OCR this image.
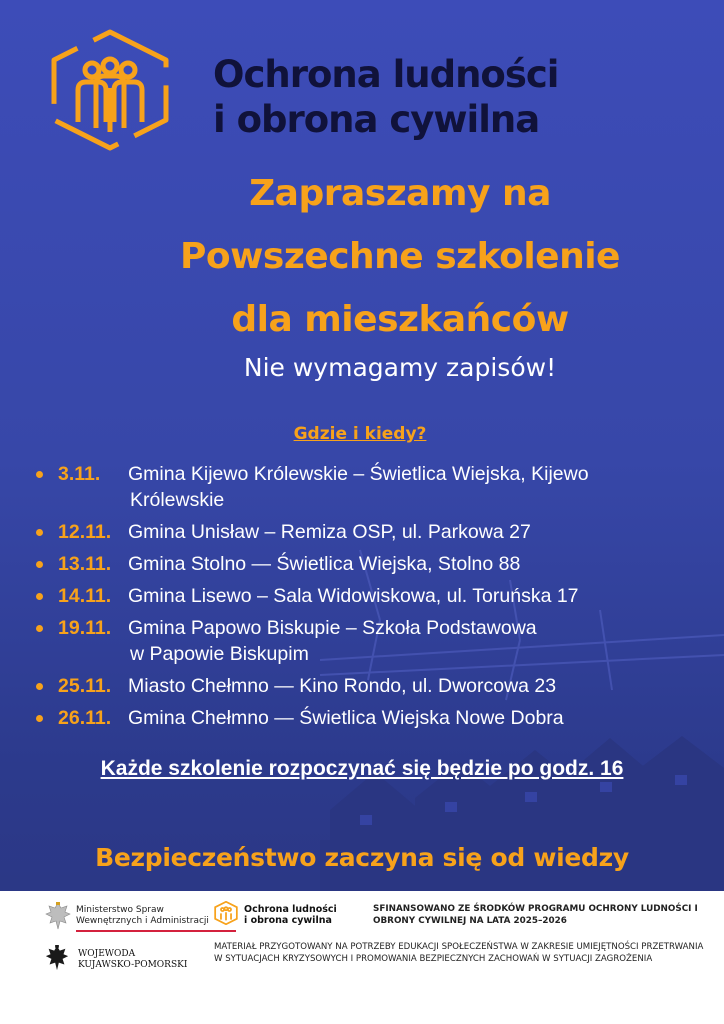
Ochrona ludności
i obrona cywilna
Zapraszamy na
Powszechne szkolenie
dla mieszkańców
Nie wymagamy zapisów!
Gdzie i kiedy?
3.11. Gmina Kijewo Królewskie – Świetlica Wiejska, Kijewo
Królewskie
12.11. Gmina Unisław – Remiza OSP, ul. Parkowa 27
13.11. Gmina Stolno — Świetlica Wiejska, Stolno 88
14.11. Gmina Lisewo – Sala Widowiskowa, ul. Toruńska 17
19.11. Gmina Papowo Biskupie – Szkoła Podstawowa
w Papowie Biskupim
25.11. Miasto Chełmno — Kino Rondo, ul. Dworcowa 23
26.11. Gmina Chełmno — Świetlica Wiejska Nowe Dobra
Każde szkolenie rozpoczynać się będzie po godz. 16
Bezpieczeństwo zaczyna się od wiedzy
Ministerstwo Spraw
Wewnętrznych i Administracji
Ochrona ludności
i obrona cywilna
SFINANSOWANO ZE ŚRODKÓW PROGRAMU OCHRONY LUDNOŚCI I OBRONY CYWILNEJ NA LATA 2025–2026
WOJEWODA
KUJAWSKO-POMORSKI
MATERIAŁ PRZYGOTOWANY NA POTRZEBY EDUKACJI SPOŁECZEŃSTWA W ZAKRESIE UMIEJĘTNOŚCI PRZETRWANIA W SYTUACJACH KRYZYSOWYCH I PROMOWANIA BEZPIECZNYCH ZACHOWAŃ W SYTUACJI ZAGROŻENIA
